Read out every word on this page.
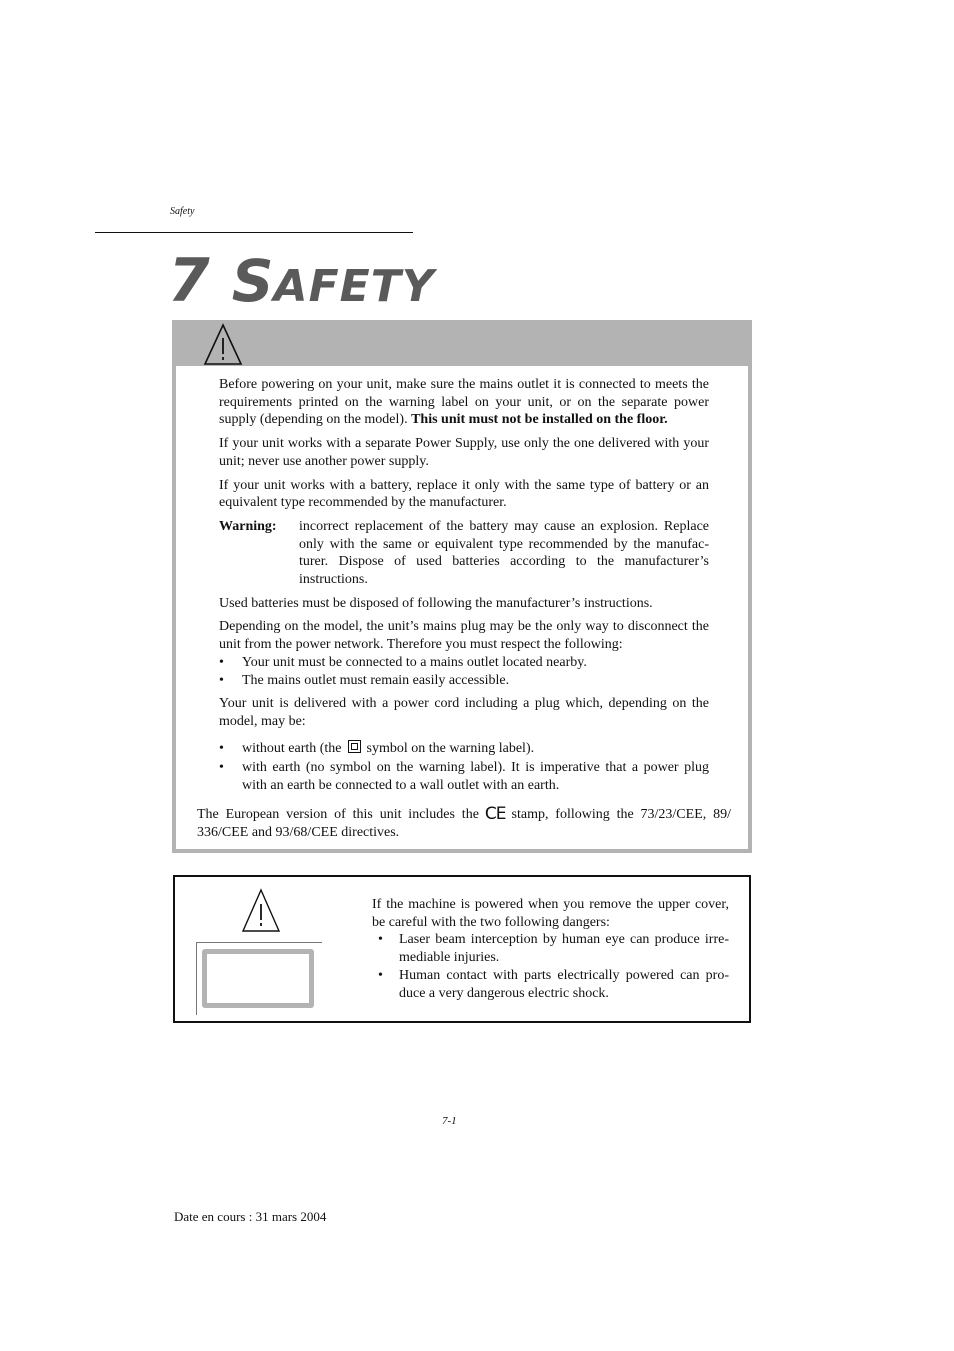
Safety
7 S AFETY

Before powering on your unit, make sure the mains outlet it is connected to meets the requirements printed on the warning label on your unit, or on the separate power supply (depending on the model). This unit must not be installed on the floor.

If your unit works with a separate Power Supply, use only the one delivered with your unit; never use another power supply.

If your unit works with a battery, replace it only with the same type of battery or an equivalent type recommended by the manufacturer.

Warning:	incorrect replacement of the battery may cause an explosion. Replace only with the same or equivalent type recommended by the manufac-turer. Dispose of used batteries according to the manufacturer’s instructions.

Used batteries must be disposed of following the manufacturer’s instructions.

Depending on the model, the unit’s mains plug may be the only way to disconnect the unit from the power network. Therefore you must respect the following:

•	Your unit must be connected to a mains outlet located nearby.
•	The mains outlet must remain easily accessible.

Your unit is delivered with a power cord including a plug which, depending on the model, may be:

•	without earth (the symbol on the warning label).
•	with earth (no symbol on the warning label). It is imperative that a power plug with an earth be connected to a wall outlet with an earth.
The European version of this unit includes the CE stamp, following the 73/23/CEE, 89/ 336/CEE and 93/68/CEE directives.

If the machine is powered when you remove the upper cover, be careful with the two following dangers:

•	Laser beam interception by human eye can produce irre-mediable injuries.
•	Human contact with parts electrically powered can pro-duce a very dangerous electric shock.
7-1
Date en cours : 31 mars 2004
